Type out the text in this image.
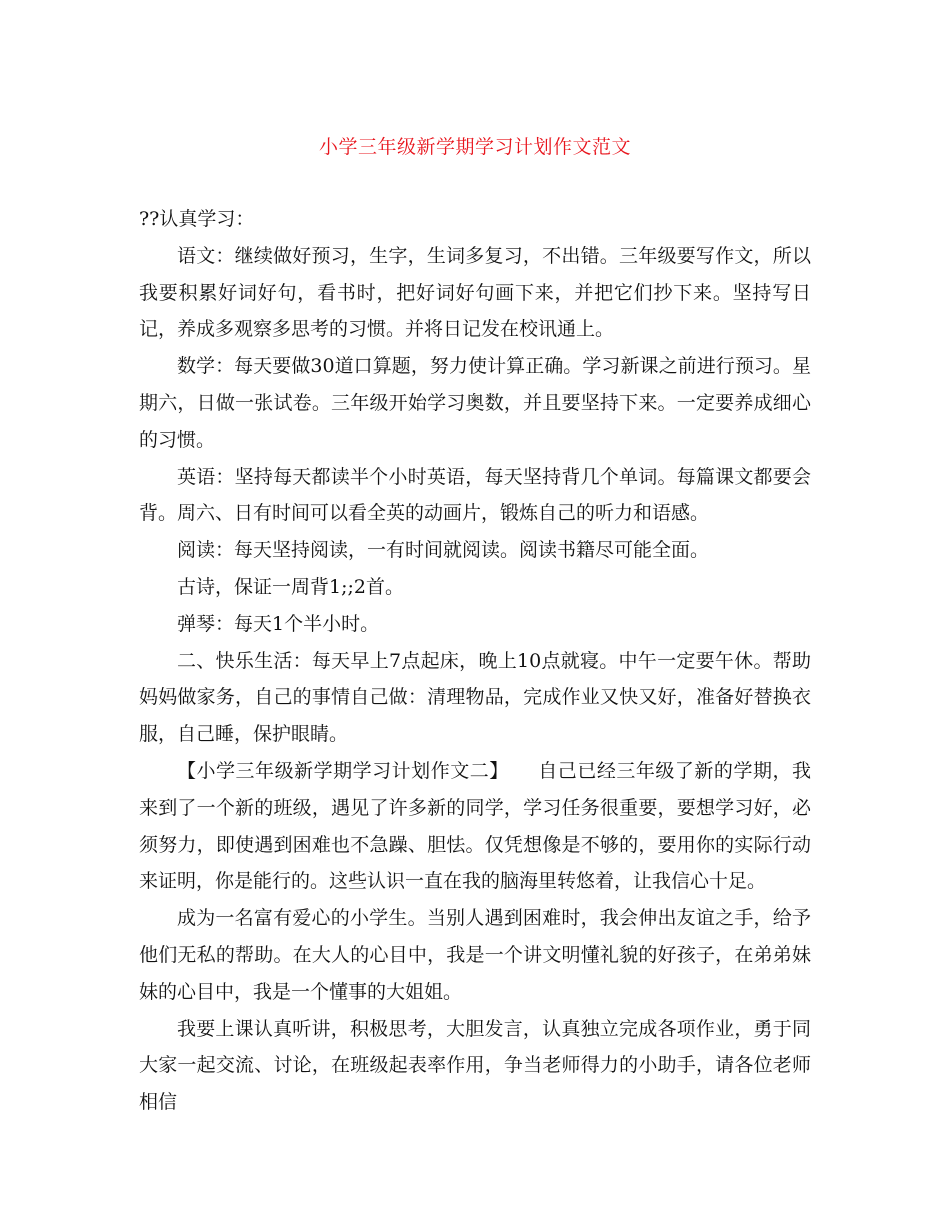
小学三年级新学期学习计划作文范文

??认真学习：

语文：继续做好预习，生字，生词多复习，不出错。三年级要写作文，所以我要积累好词好句，看书时，把好词好句画下来，并把它们抄下来。坚持写日记，养成多观察多思考的习惯。并将日记发在校讯通上。

数学：每天要做30道口算题，努力使计算正确。学习新课之前进行预习。星期六，日做一张试卷。三年级开始学习奥数，并且要坚持下来。一定要养成细心的习惯。

英语：坚持每天都读半个小时英语，每天坚持背几个单词。每篇课文都要会背。周六、日有时间可以看全英的动画片，锻炼自己的听力和语感。

阅读：每天坚持阅读，一有时间就阅读。阅读书籍尽可能全面。

古诗，保证一周背1;;2首。

弹琴：每天1个半小时。

二、快乐生活：每天早上7点起床，晚上10点就寝。中午一定要午休。帮助妈妈做家务，自己的事情自己做：清理物品，完成作业又快又好，准备好替换衣服，自己睡，保护眼睛。

【小学三年级新学期学习计划作文二】　　自己已经三年级了新的学期，我来到了一个新的班级，遇见了许多新的同学，学习任务很重要，要想学习好，必须努力，即使遇到困难也不急躁、胆怯。仅凭想像是不够的，要用你的实际行动来证明，你是能行的。这些认识一直在我的脑海里转悠着，让我信心十足。

成为一名富有爱心的小学生。当别人遇到困难时，我会伸出友谊之手，给予他们无私的帮助。在大人的心目中，我是一个讲文明懂礼貌的好孩子，在弟弟妹妹的心目中，我是一个懂事的大姐姐。

我要上课认真听讲，积极思考，大胆发言，认真独立完成各项作业，勇于同大家一起交流、讨论，在班级起表率作用，争当老师得力的小助手，请各位老师相信
